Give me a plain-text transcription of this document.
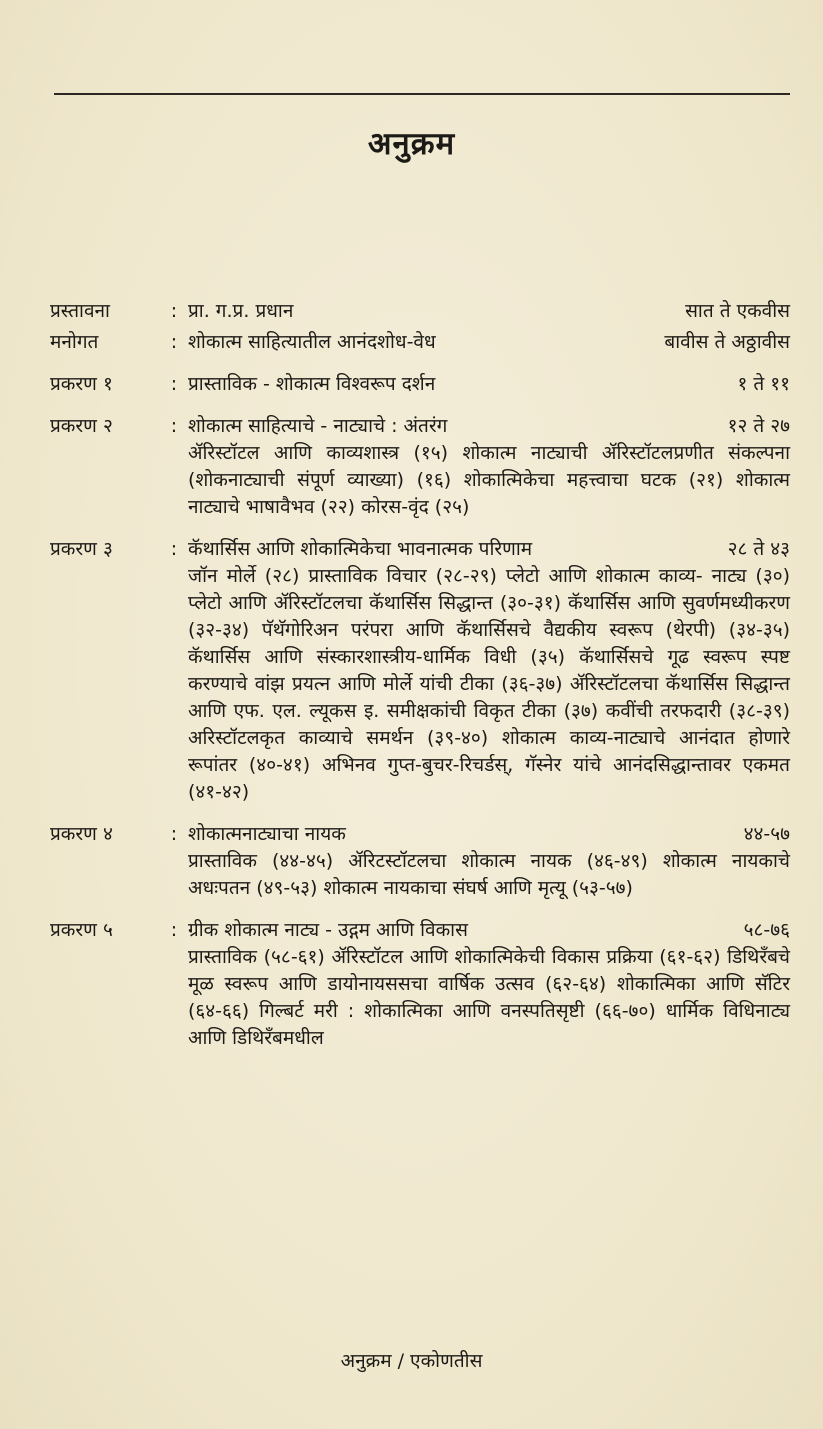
अनुक्रम
प्रस्तावना	: प्रा. ग.प्र. प्रधान	सात ते एकवीस
मनोगत	: शोकात्म साहित्यातील आनंदशोध-वेध	बावीस ते अठ्ठावीस
प्रकरण १	: प्रास्ताविक - शोकात्म विश्वरूप दर्शन	१ ते ११
प्रकरण २	: शोकात्म साहित्याचे - नाट्याचे : अंतरंग	१२ ते २७

ॲरिस्टॉटल आणि काव्यशास्त्र (१५) शोकात्म नाट्याची ॲरिस्टॉटलप्रणीत संकल्पना (शोकनाट्याची संपूर्ण व्याख्या) (१६) शोकात्मिकेचा महत्त्वाचा घटक (२१) शोकात्म नाट्याचे भाषावैभव (२२) कोरस-वृंद (२५)

प्रकरण ३	: कॅथार्सिस आणि शोकात्मिकेचा भावनात्मक परिणाम	२८ ते ४३

जॉन मोर्ले (२८) प्रास्ताविक विचार (२८-२९) प्लेटो आणि शोकात्म काव्य- नाट्य (३०) प्लेटो आणि ॲरिस्टॉटलचा कॅथार्सिस सिद्धान्त (३०-३१) कॅथार्सिस आणि सुवर्णमध्यीकरण (३२-३४) पॅथॅगोरिअन परंपरा आणि कॅथार्सिसचे वैद्यकीय स्वरूप (थेरपी) (३४-३५) कॅथार्सिस आणि संस्कारशास्त्रीय-धार्मिक विधी (३५) कॅथार्सिसचे गूढ स्वरूप स्पष्ट करण्याचे वांझ प्रयत्न आणि मोर्ले यांची टीका (३६-३७) ॲरिस्टॉटलचा कॅथार्सिस सिद्धान्त आणि एफ. एल. ल्यूकस इ. समीक्षकांची विकृत टीका (३७) कवींची तरफदारी (३८-३९) अरिस्टॉटलकृत काव्याचे समर्थन (३९-४०) शोकात्म काव्य-नाट्याचे आनंदात होणारे रूपांतर (४०-४१) अभिनव गुप्त-बुचर-रिचर्डस्, गॅस्नेर यांचे आनंदसिद्धान्तावर एकमत (४१-४२)

प्रकरण ४	: शोकात्मनाट्याचा नायक	४४-५७

प्रास्ताविक (४४-४५) ॲरिटस्टॉटलचा शोकात्म नायक (४६-४९) शोकात्म नायकाचे अधःपतन (४९-५३) शोकात्म नायकाचा संघर्ष आणि मृत्यू (५३-५७)

प्रकरण ५	: ग्रीक शोकात्म नाट्य - उद्गम आणि विकास	५८-७६

प्रास्ताविक (५८-६१) ॲरिस्टॉटल आणि शोकात्मिकेची विकास प्रक्रिया (६१-६२) डिथिरँबचे मूळ स्वरूप आणि डायोनायससचा वार्षिक उत्सव (६२-६४) शोकात्मिका आणि सॅटिर (६४-६६) गिल्बर्ट मरी : शोकात्मिका आणि वनस्पतिसृष्टी (६६-७०) धार्मिक विधिनाट्य आणि डिथिरँबमधील

अनुक्रम / एकोणतीस
